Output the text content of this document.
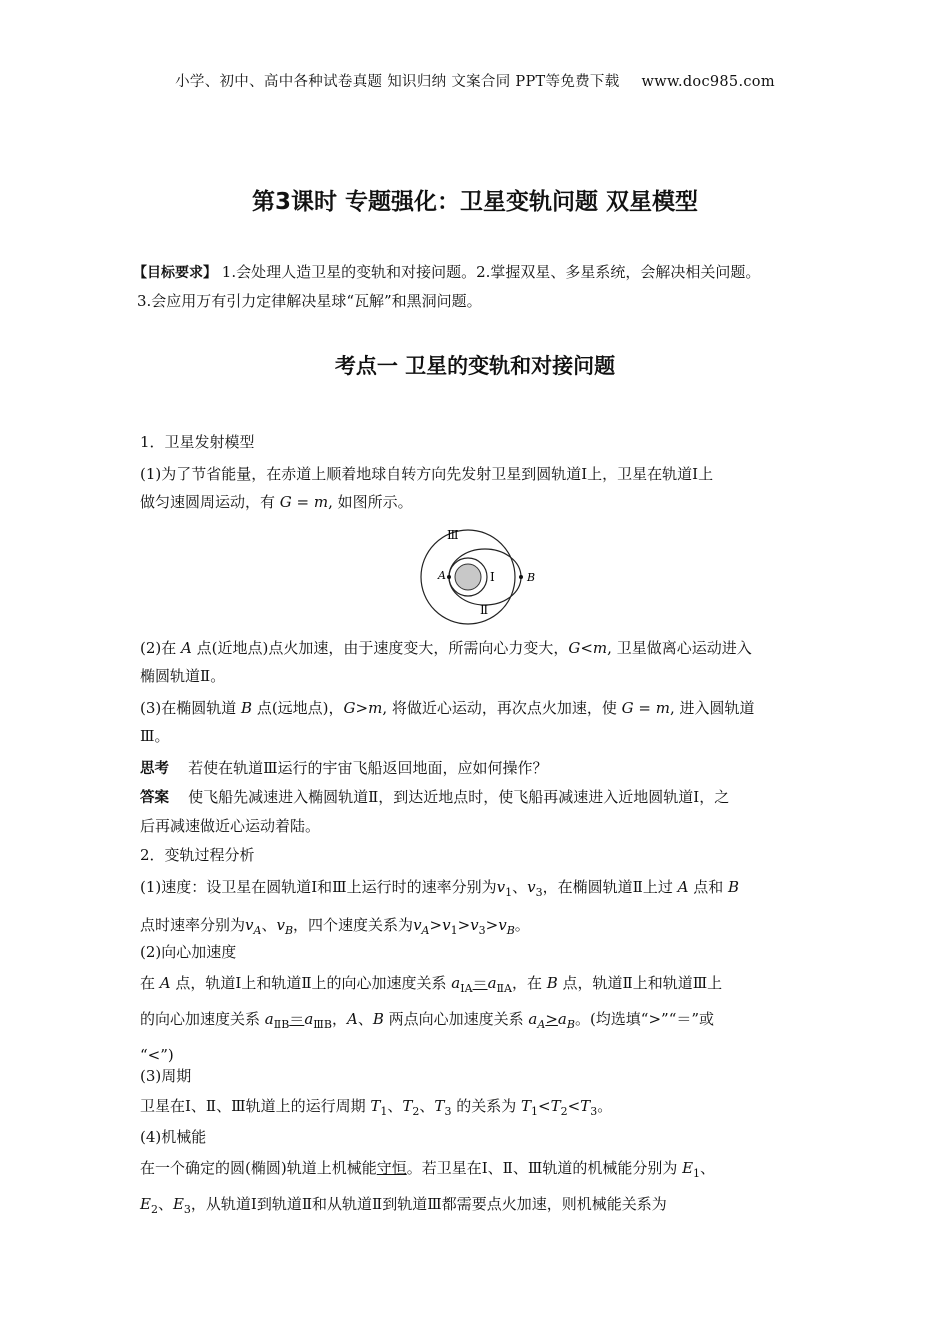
小学、初中、高中各种试卷真题 知识归纳 文案合同 PPT等免费下载 www.doc985.com
第3课时 专题强化：卫星变轨问题 双星模型
【目标要求】 1.会处理人造卫星的变轨和对接问题。2.掌握双星、多星系统，会解决相关问题。
3.会应用万有引力定律解决星球“瓦解”和黑洞问题。
考点一 卫星的变轨和对接问题
1．卫星发射模型
(1)为了节省能量，在赤道上顺着地球自转方向先发射卫星到圆轨道Ⅰ上，卫星在轨道Ⅰ上
做匀速圆周运动，有 G = m, 如图所示。
Ⅲ
Ⅰ
Ⅱ
A	B
(2)在 A 点(近地点)点火加速，由于速度变大，所需向心力变大，G<m, 卫星做离心运动进入
椭圆轨道Ⅱ。
(3)在椭圆轨道 B 点(远地点)，G>m, 将做近心运动，再次点火加速，使 G = m, 进入圆轨道
Ⅲ。
思考 若使在轨道Ⅲ运行的宇宙飞船返回地面，应如何操作？
答案 使飞船先减速进入椭圆轨道Ⅱ，到达近地点时，使飞船再减速进入近地圆轨道Ⅰ，之
后再减速做近心运动着陆。
2．变轨过程分析
(1)速度：设卫星在圆轨道Ⅰ和Ⅲ上运行时的速率分别为$v_1$、$v_3$，在椭圆轨道Ⅱ上过 A 点和 B
点时速率分别为$v_A$、$v_B$，四个速度关系为$v_A>v_1>v_3>v_B$。
(2)向心加速度
在 A 点，轨道Ⅰ上和轨道Ⅱ上的向心加速度关系 $a_{ⅠA}=a_{ⅡA}$，在 B 点，轨道Ⅱ上和轨道Ⅲ上
的向心加速度关系 $a_{ⅡB}=a_{ⅢB}$，A、B 两点向心加速度关系 $a_A>a_B$。(均选填“>”“＝”或
“<”)
(3)周期
卫星在Ⅰ、Ⅱ、Ⅲ轨道上的运行周期 $T_1$、$T_2$、$T_3$ 的关系为 $T_1<T_2<T_3$。
(4)机械能
在一个确定的圆(椭圆)轨道上机械能守恒。若卫星在Ⅰ、Ⅱ、Ⅲ轨道的机械能分别为 $E_1$、
$E_2$、$E_3$，从轨道Ⅰ到轨道Ⅱ和从轨道Ⅱ到轨道Ⅲ都需要点火加速，则机械能关系为
